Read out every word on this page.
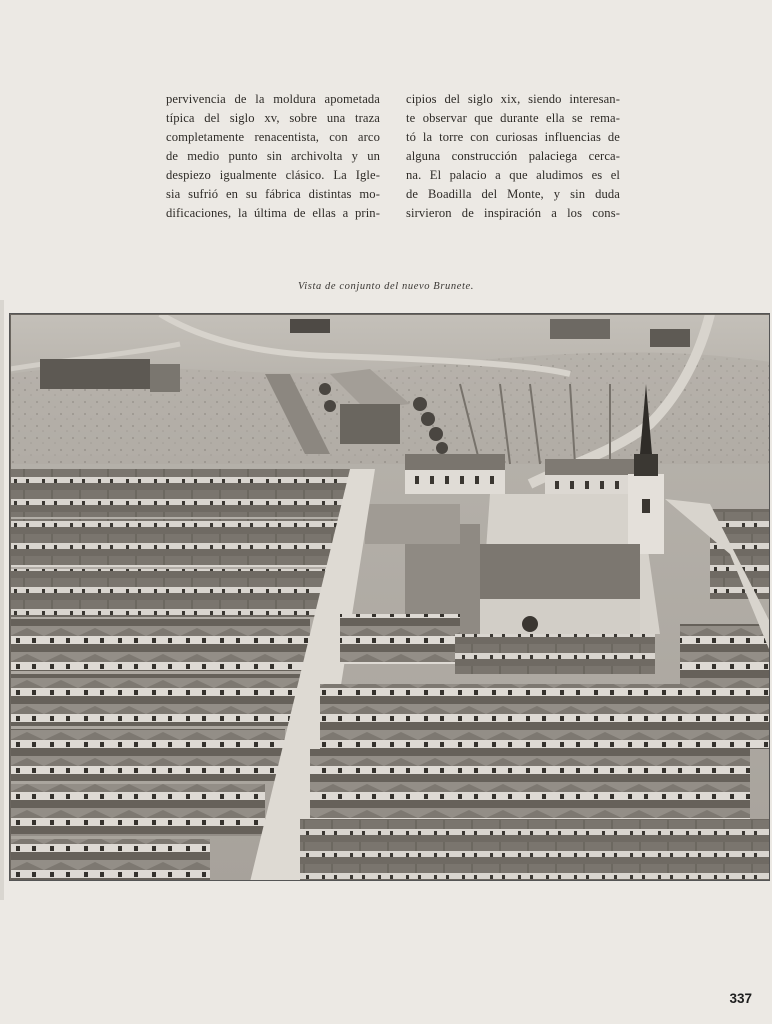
pervivencia de la moldura apometada
típica del siglo xv, sobre una traza
completamente renacentista, con arco
de medio punto sin archivolta y un
despiezo igualmente clásico. La Igle-
sia sufrió en su fábrica distintas mo-
dificaciones, la última de ellas a prin-
cipios del siglo xix, siendo interesan-
te observar que durante ella se rema-
tó la torre con curiosas influencias de
alguna construcción palaciega cerca-
na. El palacio a que aludimos es el
de Boadilla del Monte, y sin duda
sirvieron de inspiración a los cons-
Vista de conjunto del nuevo Brunete.
337
